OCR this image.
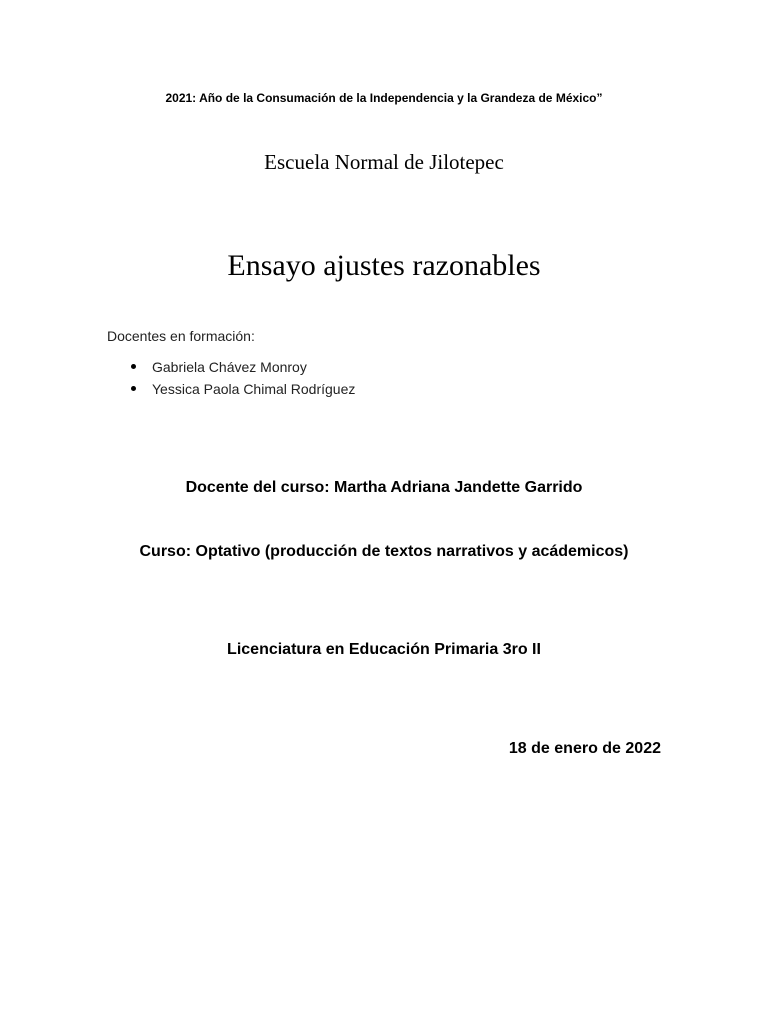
2021: Año de la Consumación de la Independencia y la Grandeza de México”
Escuela Normal de Jilotepec
Ensayo ajustes razonables
Docentes en formación:
Gabriela Chávez Monroy
Yessica Paola Chimal Rodríguez
Docente del curso: Martha Adriana Jandette Garrido
Curso: Optativo (producción de textos narrativos y acádemicos)
Licenciatura en Educación Primaria 3ro II
18 de enero de 2022
